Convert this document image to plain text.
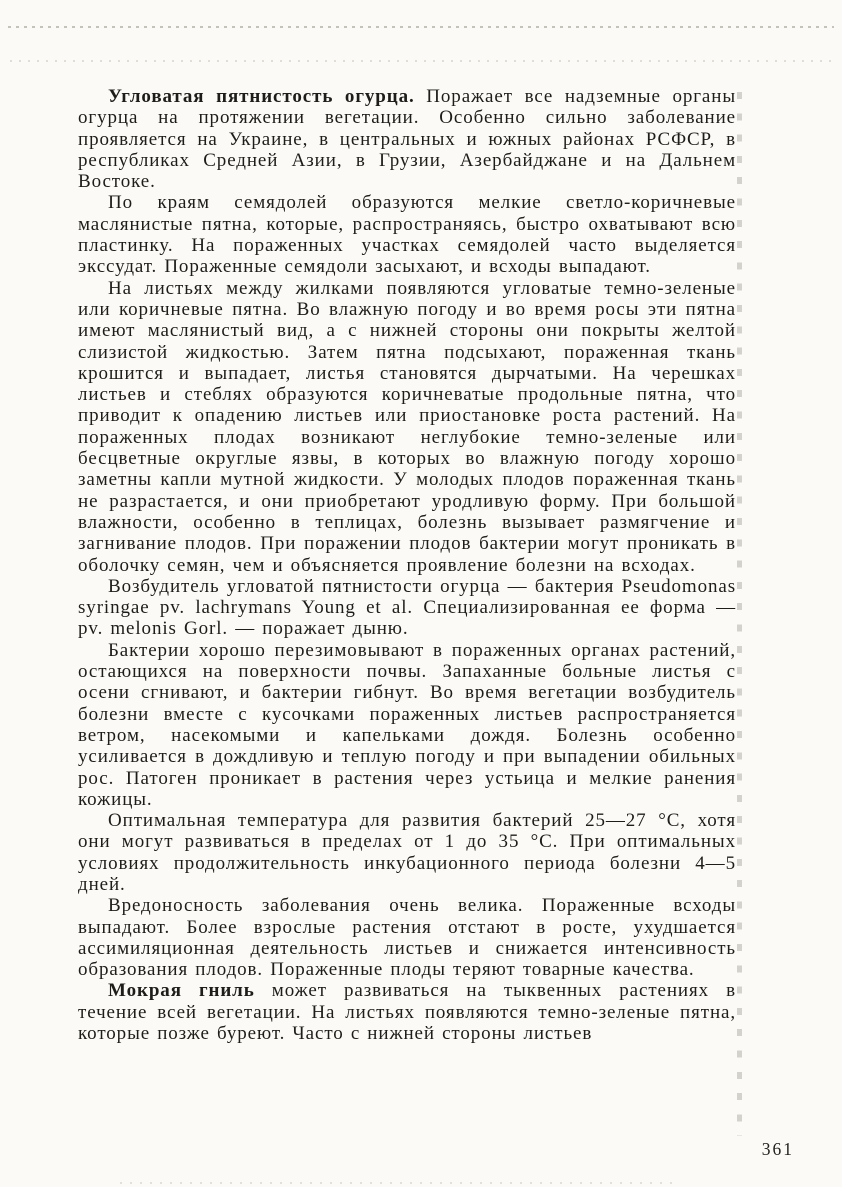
Угловатая пятнистость огурца. Поражает все надземные органы огурца на протяжении вегетации. Особенно сильно заболевание проявляется на Украине, в центральных и южных районах РСФСР, в республиках Средней Азии, в Грузии, Азербайджане и на Дальнем Востоке.

По краям семядолей образуются мелкие светло-коричневые маслянистые пятна, которые, распространяясь, быстро охватывают всю пластинку. На пораженных участках семядолей часто выделяется экссудат. Пораженные семядоли засыхают, и всходы выпадают.

На листьях между жилками появляются угловатые темно-зеленые или коричневые пятна. Во влажную погоду и во время росы эти пятна имеют маслянистый вид, а с нижней стороны они покрыты желтой слизистой жидкостью. Затем пятна подсыхают, пораженная ткань крошится и выпадает, листья становятся дырчатыми. На черешках листьев и стеблях образуются коричневатые продольные пятна, что приводит к опадению листьев или приостановке роста растений. На пораженных плодах возникают неглубокие темно-зеленые или бесцветные округлые язвы, в которых во влажную погоду хорошо заметны капли мутной жидкости. У молодых плодов пораженная ткань не разрастается, и они приобретают уродливую форму. При большой влажности, особенно в теплицах, болезнь вызывает размягчение и загнивание плодов. При поражении плодов бактерии могут проникать в оболочку семян, чем и объясняется проявление болезни на всходах.

Возбудитель угловатой пятнистости огурца — бактерия Pseudomonas syringae pv. lachrymans Young et al. Специализированная ее форма — pv. melonis Gorl. — поражает дыню.

Бактерии хорошо перезимовывают в пораженных органах растений, остающихся на поверхности почвы. Запаханные больные листья с осени сгнивают, и бактерии гибнут. Во время вегетации возбудитель болезни вместе с кусочками пораженных листьев распространяется ветром, насекомыми и капельками дождя. Болезнь особенно усиливается в дождливую и теплую погоду и при выпадении обильных рос. Патоген проникает в растения через устьица и мелкие ранения кожицы.

Оптимальная температура для развития бактерий 25—27 °С, хотя они могут развиваться в пределах от 1 до 35 °С. При оптимальных условиях продолжительность инкубационного периода болезни 4—5 дней.

Вредоносность заболевания очень велика. Пораженные всходы выпадают. Более взрослые растения отстают в росте, ухудшается ассимиляционная деятельность листьев и снижается интенсивность образования плодов. Пораженные плоды теряют товарные качества.

Мокрая гниль может развиваться на тыквенных растениях в течение всей вегетации. На листьях появляются темно-зеленые пятна, которые позже буреют. Часто с нижней стороны листьев

361
